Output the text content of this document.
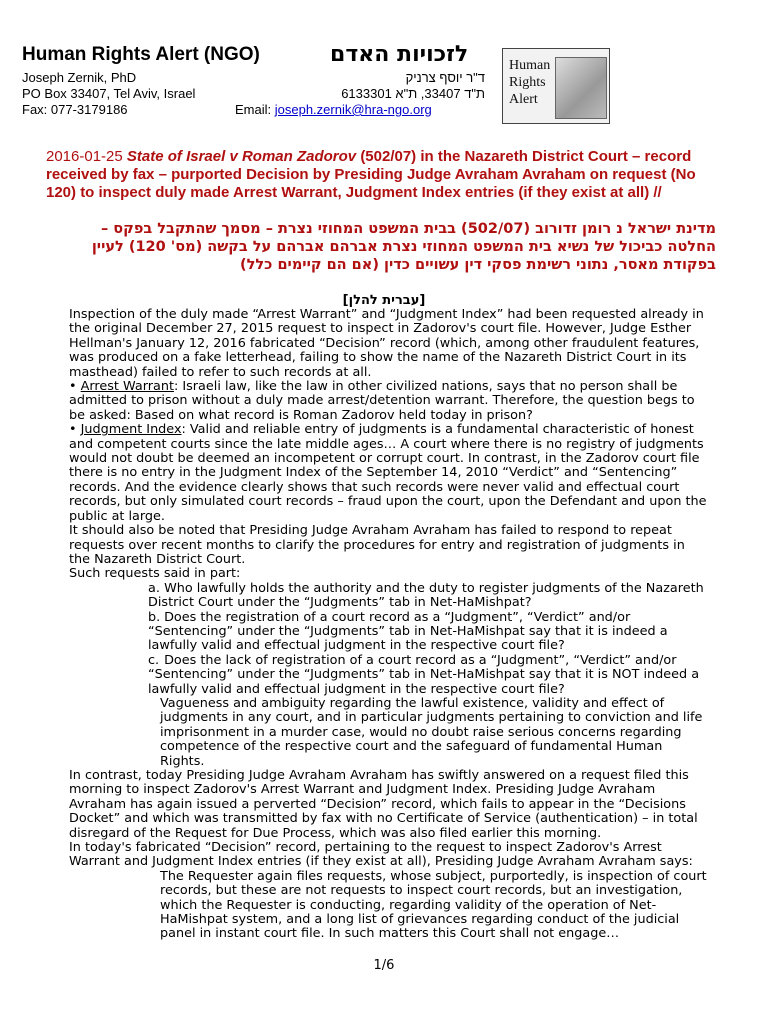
Human Rights Alert (NGO)	לזכויות האדם
Joseph Zernik, PhD
PO Box 33407, Tel Aviv, Israel
Fax: 077-3179186
ד"ר יוסף צרניק
ת"ד 33407, ת"א 6133301
Email: joseph.zernik@hra-ngo.org
Human
Rights
Alert
2016-01-25 State of Israel v Roman Zadorov (502/07) in the Nazareth District Court – record received by fax – purported Decision by Presiding Judge Avraham Avraham on request (No 120) to inspect duly made Arrest Warrant, Judgment Index entries (if they exist at all) //
מדינת ישראל נ רומן זדורוב (502/07) בבית המשפט המחוזי נצרת – מסמך שהתקבל בפקס – החלטה כביכול של נשיא בית המשפט המחוזי נצרת אברהם אברהם על בקשה (מס' 120) לעיין בפקודת מאסר, נתוני רשימת פסקי דין עשויים כדין (אם הם קיימים כלל)
[עברית להלן]

Inspection of the duly made “Arrest Warrant” and “Judgment Index” had been requested already in the original December 27, 2015 request to inspect in Zadorov's court file. However, Judge Esther Hellman's January 12, 2016 fabricated “Decision” record (which, among other fraudulent features, was produced on a fake letterhead, failing to show the name of the Nazareth District Court in its masthead) failed to refer to such records at all.

• Arrest Warrant: Israeli law, like the law in other civilized nations, says that no person shall be admitted to prison without a duly made arrest/detention warrant. Therefore, the question begs to be asked: Based on what record is Roman Zadorov held today in prison?

• Judgment Index: Valid and reliable entry of judgments is a fundamental characteristic of honest and competent courts since the late middle ages… A court where there is no registry of judgments would not doubt be deemed an incompetent or corrupt court. In contrast, in the Zadorov court file there is no entry in the Judgment Index of the September 14, 2010 “Verdict” and “Sentencing” records. And the evidence clearly shows that such records were never valid and effectual court records, but only simulated court records – fraud upon the court, upon the Defendant and upon the public at large.

It should also be noted that Presiding Judge Avraham Avraham has failed to respond to repeat requests over recent months to clarify the procedures for entry and registration of judgments in the Nazareth District Court.

Such requests said in part:

a. Who lawfully holds the authority and the duty to register judgments of the Nazareth District Court under the “Judgments” tab in Net-HaMishpat?
b. Does the registration of a court record as a “Judgment”, “Verdict” and/or “Sentencing” under the “Judgments” tab in Net-HaMishpat say that it is indeed a lawfully valid and effectual judgment in the respective court file?
c. Does the lack of registration of a court record as a “Judgment”, “Verdict” and/or “Sentencing” under the “Judgments” tab in Net-HaMishpat say that it is NOT indeed a lawfully valid and effectual judgment in the respective court file?

Vagueness and ambiguity regarding the lawful existence, validity and effect of judgments in any court, and in particular judgments pertaining to conviction and life imprisonment in a murder case, would no doubt raise serious concerns regarding competence of the respective court and the safeguard of fundamental Human Rights.

In contrast, today Presiding Judge Avraham Avraham has swiftly answered on a request filed this morning to inspect Zadorov's Arrest Warrant and Judgment Index. Presiding Judge Avraham Avraham has again issued a perverted “Decision” record, which fails to appear in the “Decisions Docket” and which was transmitted by fax with no Certificate of Service (authentication) – in total disregard of the Request for Due Process, which was also filed earlier this morning.

In today's fabricated “Decision” record, pertaining to the request to inspect Zadorov's Arrest Warrant and Judgment Index entries (if they exist at all), Presiding Judge Avraham Avraham says:

The Requester again files requests, whose subject, purportedly, is inspection of court records, but these are not requests to inspect court records, but an investigation, which the Requester is conducting, regarding validity of the operation of Net-HaMishpat system, and a long list of grievances regarding conduct of the judicial panel in instant court file. In such matters this Court shall not engage…

1/6
